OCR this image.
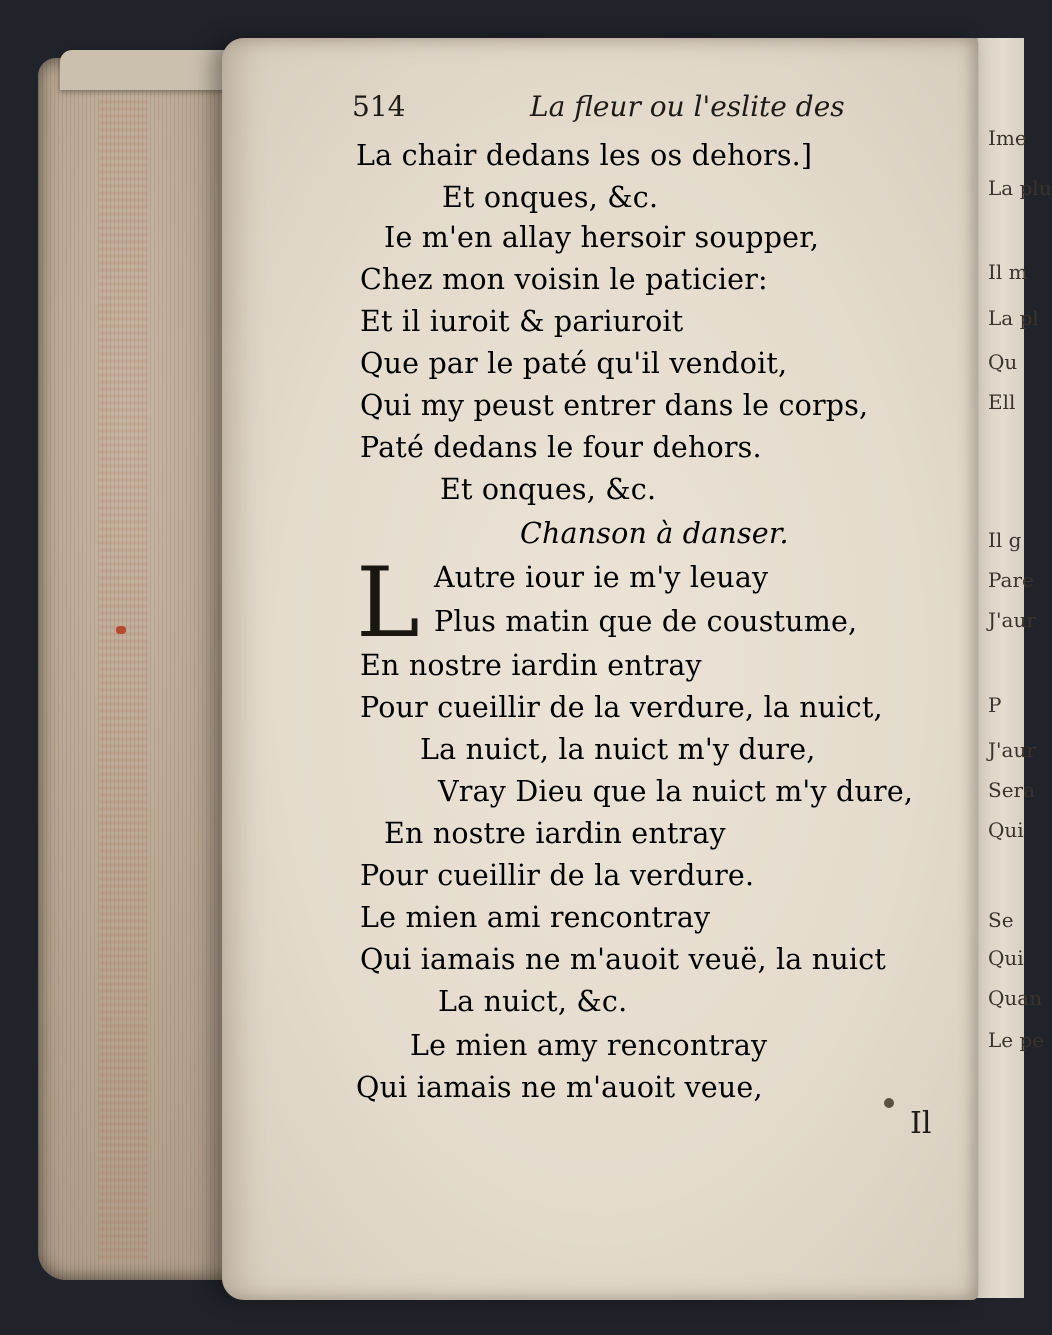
Ime
La plu
Il m
La pl
Qu
Ell
Il g
Pare
J'aur
P
J'aur
Sera
Qui
Se
Qui
Quan
Le pe
514	La fleur ou l'eslite des
La chair dedans les os dehors.]
Et onques, &c.
Ie m'en allay hersoir soupper,
Chez mon voisin le paticier:
Et il iuroit & pariuroit
Que par le paté qu'il vendoit,
Qui my peust entrer dans le corps,
Paté dedans le four dehors.
Et onques, &c.
Chanson à danser.
L Autre iour ie m'y leuay
Plus matin que de coustume,
En nostre iardin entray
Pour cueillir de la verdure, la nuict,
La nuict, la nuict m'y dure,
Vray Dieu que la nuict m'y dure,
En nostre iardin entray
Pour cueillir de la verdure.
Le mien ami rencontray
Qui iamais ne m'auoit veuë, la nuict
La nuict, &c.
Le mien amy rencontray
Qui iamais ne m'auoit veue,
Il
